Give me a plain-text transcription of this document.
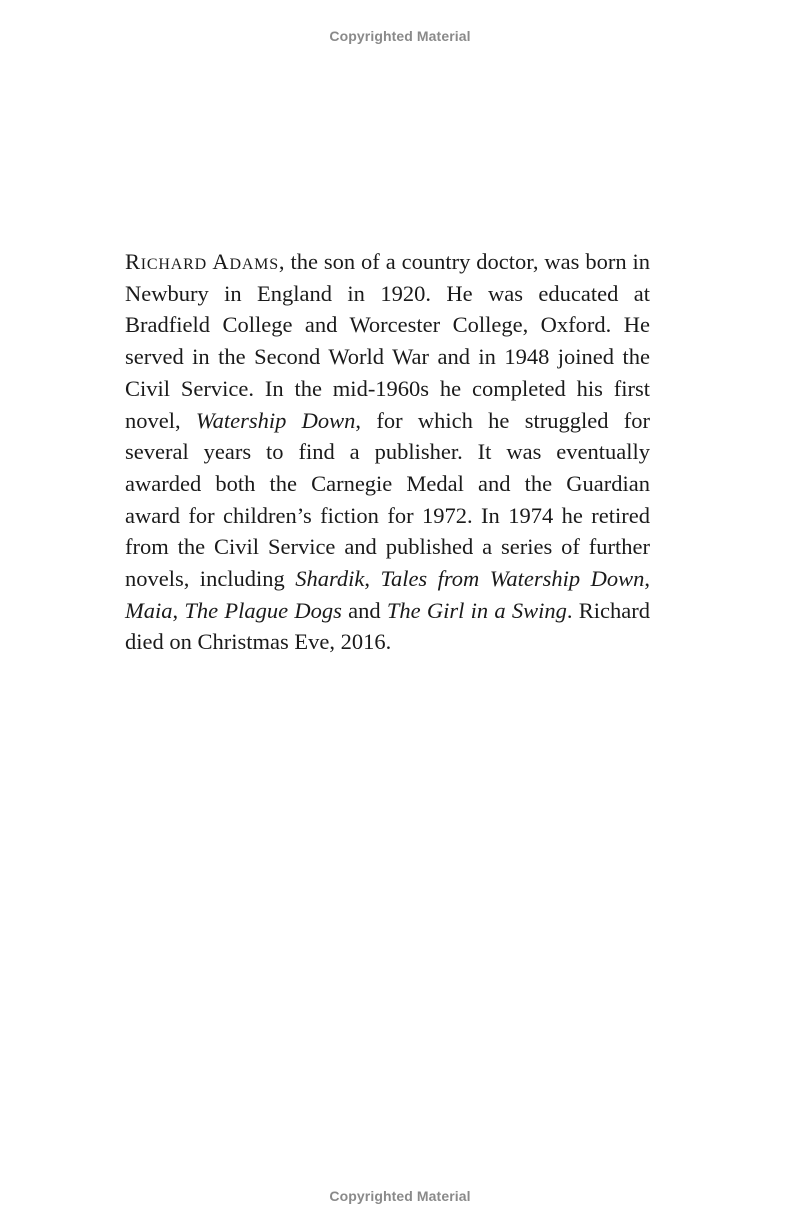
Copyrighted Material

Richard Adams, the son of a country doctor, was born in Newbury in England in 1920. He was educated at Bradfield College and Worcester College, Oxford. He served in the Second World War and in 1948 joined the Civil Service. In the mid-1960s he completed his first novel, Watership Down, for which he struggled for several years to find a publisher. It was eventually awarded both the Carnegie Medal and the Guardian award for children’s fiction for 1972. In 1974 he retired from the Civil Service and published a series of further novels, including Shardik, Tales from Watership Down, Maia, The Plague Dogs and The Girl in a Swing. Richard died on Christmas Eve, 2016.

Copyrighted Material
